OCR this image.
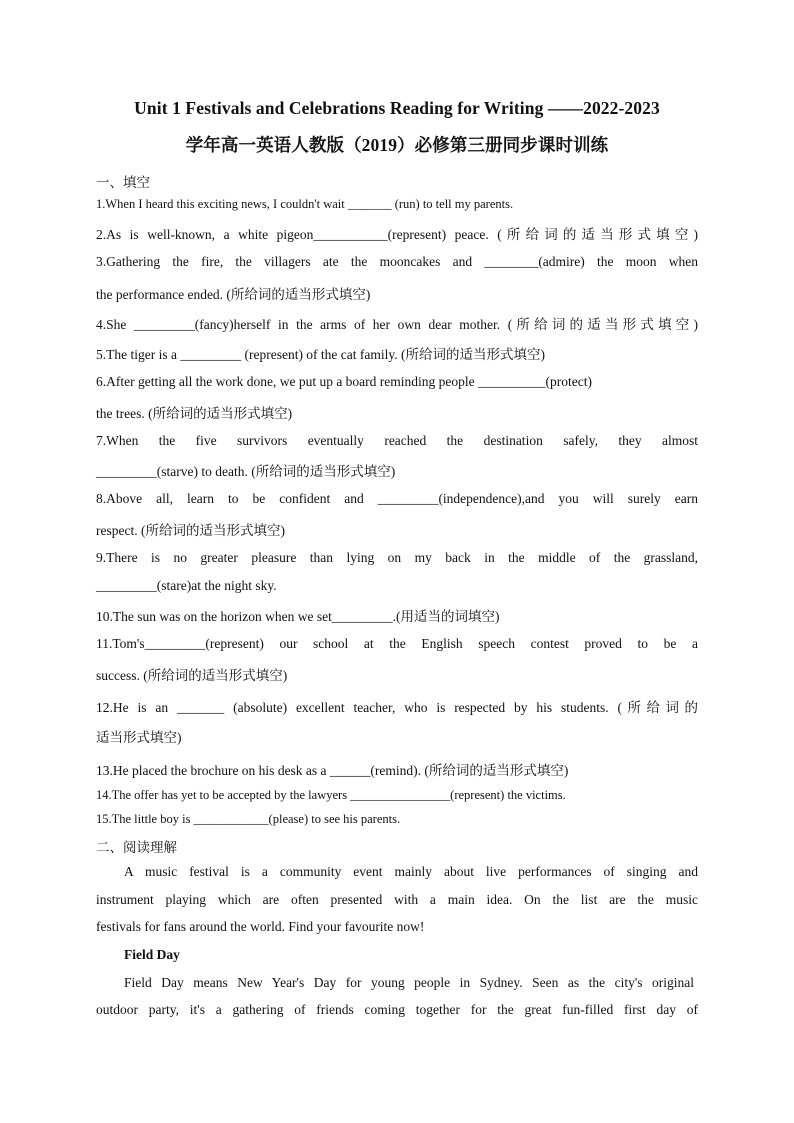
Unit 1 Festivals and Celebrations Reading for Writing ——2022-2023
学年高一英语人教版（2019）必修第三册同步课时训练
一、填空
1.When I heard this exciting news, I couldn't wait _______ (run) to tell my parents.
2.As is well-known, a white pigeon___________(represent) peace. (所给词的适当形式填空)
3.Gathering the fire, the villagers ate the mooncakes and ________(admire) the moon when
the performance ended. (所给词的适当形式填空)
4.She _________(fancy)herself in the arms of her own dear mother. (所给词的适当形式填空)
5.The tiger is a _________ (represent) of the cat family. (所给词的适当形式填空)
6.After getting all the work done, we put up a board reminding people __________(protect)
the trees. (所给词的适当形式填空)
7.When the five survivors eventually reached the destination safely, they almost
_________(starve) to death. (所给词的适当形式填空)
8.Above all, learn to be confident and _________(independence),and you will surely earn
respect. (所给词的适当形式填空)
9.There is no greater pleasure than lying on my back in the middle of the grassland,
_________(stare)at the night sky.
10.The sun was on the horizon when we set_________.(用适当的词填空)
11.Tom's_________(represent) our school at the English speech contest proved to be a
success. (所给词的适当形式填空)
12.He is an _______ (absolute) excellent teacher, who is respected by his students. (所给词的
适当形式填空)
13.He placed the brochure on his desk as a ______(remind). (所给词的适当形式填空)
14.The offer has yet to be accepted by the lawyers ________________(represent) the victims.
15.The little boy is ____________(please) to see his parents.
二、阅读理解
A music festival is a community event mainly about live performances of singing and
instrument playing which are often presented with a main idea. On the list are the music
festivals for fans around the world. Find your favourite now!
Field Day
Field Day means New Year's Day for young people in Sydney. Seen as the city's original
outdoor party, it's a gathering of friends coming together for the great fun-filled first day of
